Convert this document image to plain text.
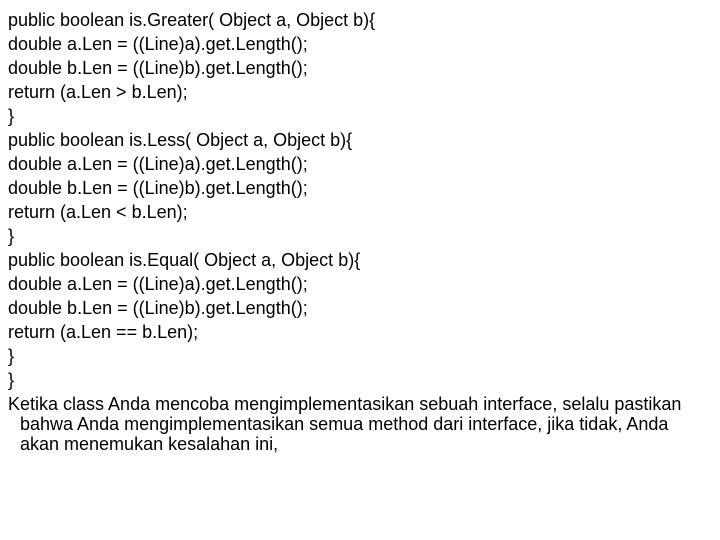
public boolean is.Greater( Object a, Object b){
double a.Len = ((Line)a).get.Length();
double b.Len = ((Line)b).get.Length();
return (a.Len > b.Len);
}
public boolean is.Less( Object a, Object b){
double a.Len = ((Line)a).get.Length();
double b.Len = ((Line)b).get.Length();
return (a.Len < b.Len);
}
public boolean is.Equal( Object a, Object b){
double a.Len = ((Line)a).get.Length();
double b.Len = ((Line)b).get.Length();
return (a.Len == b.Len);
}
}
Ketika class Anda mencoba mengimplementasikan sebuah interface, selalu pastikan bahwa Anda mengimplementasikan semua method dari interface, jika tidak, Anda akan menemukan kesalahan ini,
